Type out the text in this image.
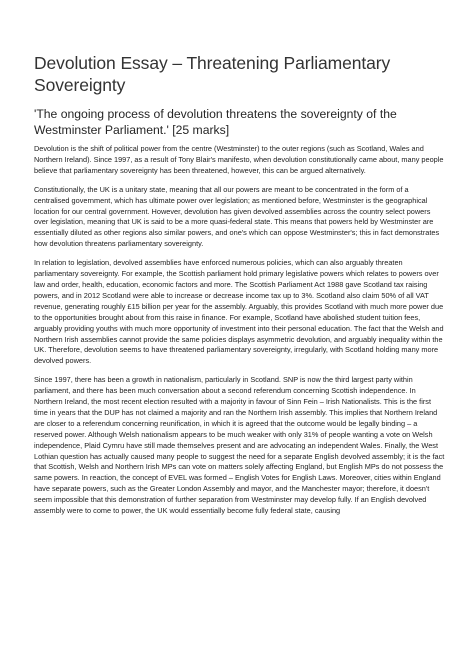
Devolution Essay – Threatening Parliamentary Sovereignty

'The ongoing process of devolution threatens the sovereignty of the Westminster Parliament.' [25 marks]

Devolution is the shift of political power from the centre (Westminster) to the outer regions (such as Scotland, Wales and Northern Ireland). Since 1997, as a result of Tony Blair's manifesto, when devolution constitutionally came about, many people believe that parliamentary sovereignty has been threatened, however, this can be argued alternatively.

Constitutionally, the UK is a unitary state, meaning that all our powers are meant to be concentrated in the form of a centralised government, which has ultimate power over legislation; as mentioned before, Westminster is the geographical location for our central government. However, devolution has given devolved assemblies across the country select powers over legislation, meaning that UK is said to be a more quasi-federal state. This means that powers held by Westminster are essentially diluted as other regions also similar powers, and one's which can oppose Westminster's; this in fact demonstrates how devolution threatens parliamentary sovereignty.

In relation to legislation, devolved assemblies have enforced numerous policies, which can also arguably threaten parliamentary sovereignty. For example, the Scottish parliament hold primary legislative powers which relates to powers over law and order, health, education, economic factors and more. The Scottish Parliament Act 1988 gave Scotland tax raising powers, and in 2012 Scotland were able to increase or decrease income tax up to 3%. Scotland also claim 50% of all VAT revenue, generating roughly £15 billion per year for the assembly. Arguably, this provides Scotland with much more power due to the opportunities brought about from this raise in finance. For example, Scotland have abolished student tuition fees, arguably providing youths with much more opportunity of investment into their personal education. The fact that the Welsh and Northern Irish assemblies cannot provide the same policies displays asymmetric devolution, and arguably inequality within the UK. Therefore, devolution seems to have threatened parliamentary sovereignty, irregularly, with Scotland holding many more devolved powers.

Since 1997, there has been a growth in nationalism, particularly in Scotland. SNP is now the third largest party within parliament, and there has been much conversation about a second referendum concerning Scottish independence. In Northern Ireland, the most recent election resulted with a majority in favour of Sinn Fein – Irish Nationalists. This is the first time in years that the DUP has not claimed a majority and ran the Northern Irish assembly. This implies that Northern Ireland are closer to a referendum concerning reunification, in which it is agreed that the outcome would be legally binding – a reserved power. Although Welsh nationalism appears to be much weaker with only 31% of people wanting a vote on Welsh independence, Plaid Cymru have still made themselves present and are advocating an independent Wales. Finally, the West Lothian question has actually caused many people to suggest the need for a separate English devolved assembly; it is the fact that Scottish, Welsh and Northern Irish MPs can vote on matters solely affecting England, but English MPs do not possess the same powers. In reaction, the concept of EVEL was formed – English Votes for English Laws. Moreover, cities within England have separate powers, such as the Greater London Assembly and mayor, and the Manchester mayor; therefore, it doesn't seem impossible that this demonstration of further separation from Westminster may develop fully. If an English devolved assembly were to come to power, the UK would essentially become fully federal state, causing
